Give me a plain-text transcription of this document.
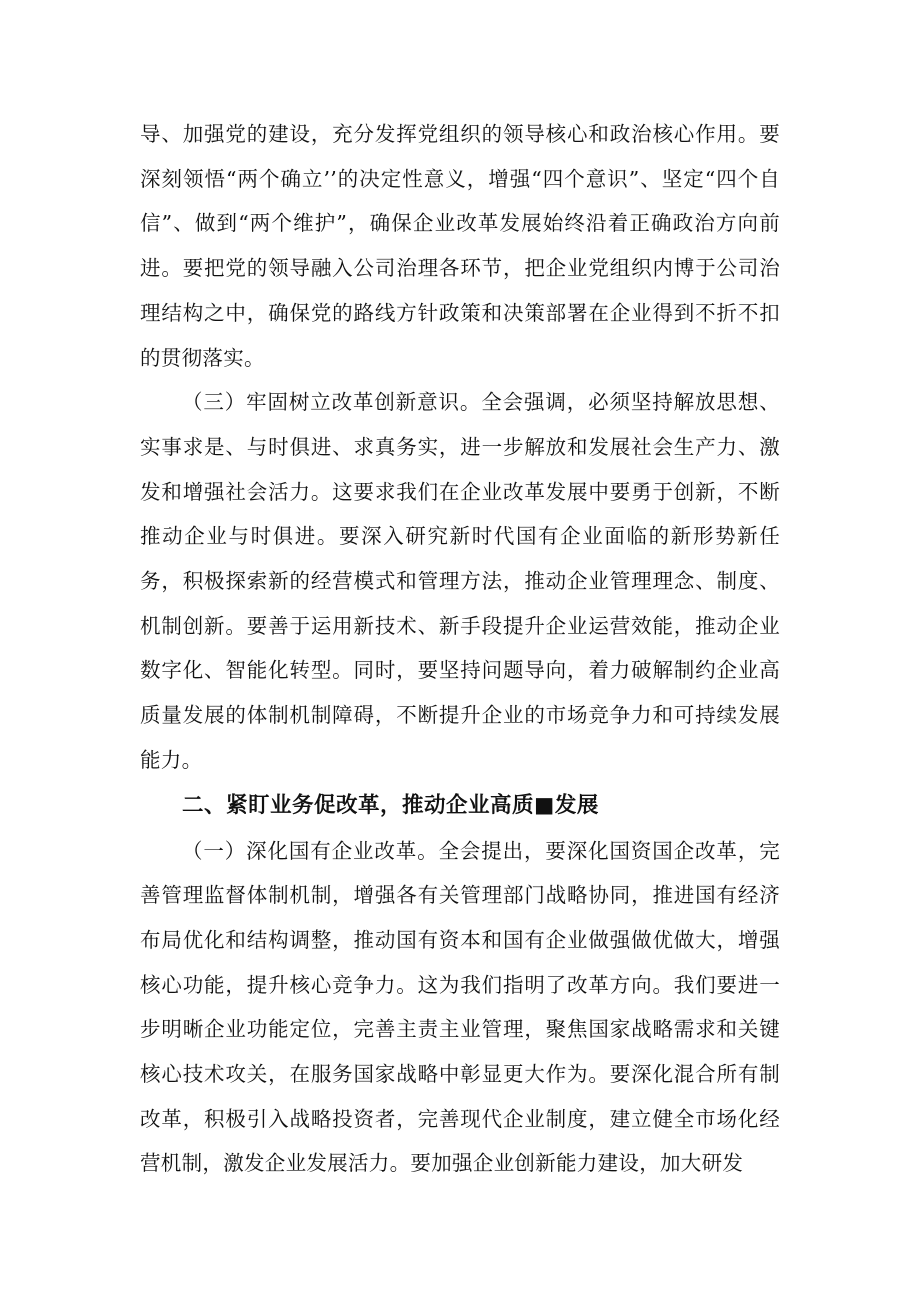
导、加强党的建设，充分发挥党组织的领导核心和政治核心作用。要深刻领悟“两个确立’’的决定性意义，增强“四个意识”、坚定“四个自信”、做到“两个维护”，确保企业改革发展始终沿着正确政治方向前进。要把党的领导融入公司治理各环节，把企业党组织内博于公司治理结构之中，确保党的路线方针政策和决策部署在企业得到不折不扣的贯彻落实。

（三）牢固树立改革创新意识。全会强调，必须坚持解放思想、实事求是、与时俱进、求真务实，进一步解放和发展社会生产力、激发和增强社会活力。这要求我们在企业改革发展中要勇于创新，不断推动企业与时俱进。要深入研究新时代国有企业面临的新形势新任务，积极探索新的经营模式和管理方法，推动企业管理理念、制度、机制创新。要善于运用新技术、新手段提升企业运营效能，推动企业数字化、智能化转型。同时，要坚持问题导向，着力破解制约企业高质量发展的体制机制障碍，不断提升企业的市场竞争力和可持续发展能力。

二、紧盯业务促改革，推动企业高质■发展

（一）深化国有企业改革。全会提出，要深化国资国企改革，完善管理监督体制机制，增强各有关管理部门战略协同，推进国有经济布局优化和结构调整，推动国有资本和国有企业做强做优做大，增强核心功能，提升核心竞争力。这为我们指明了改革方向。我们要进一步明晰企业功能定位，完善主责主业管理，聚焦国家战略需求和关键核心技术攻关，在服务国家战略中彰显更大作为。要深化混合所有制改革，积极引入战略投资者，完善现代企业制度，建立健全市场化经营机制，激发企业发展活力。要加强企业创新能力建设，加大研发
